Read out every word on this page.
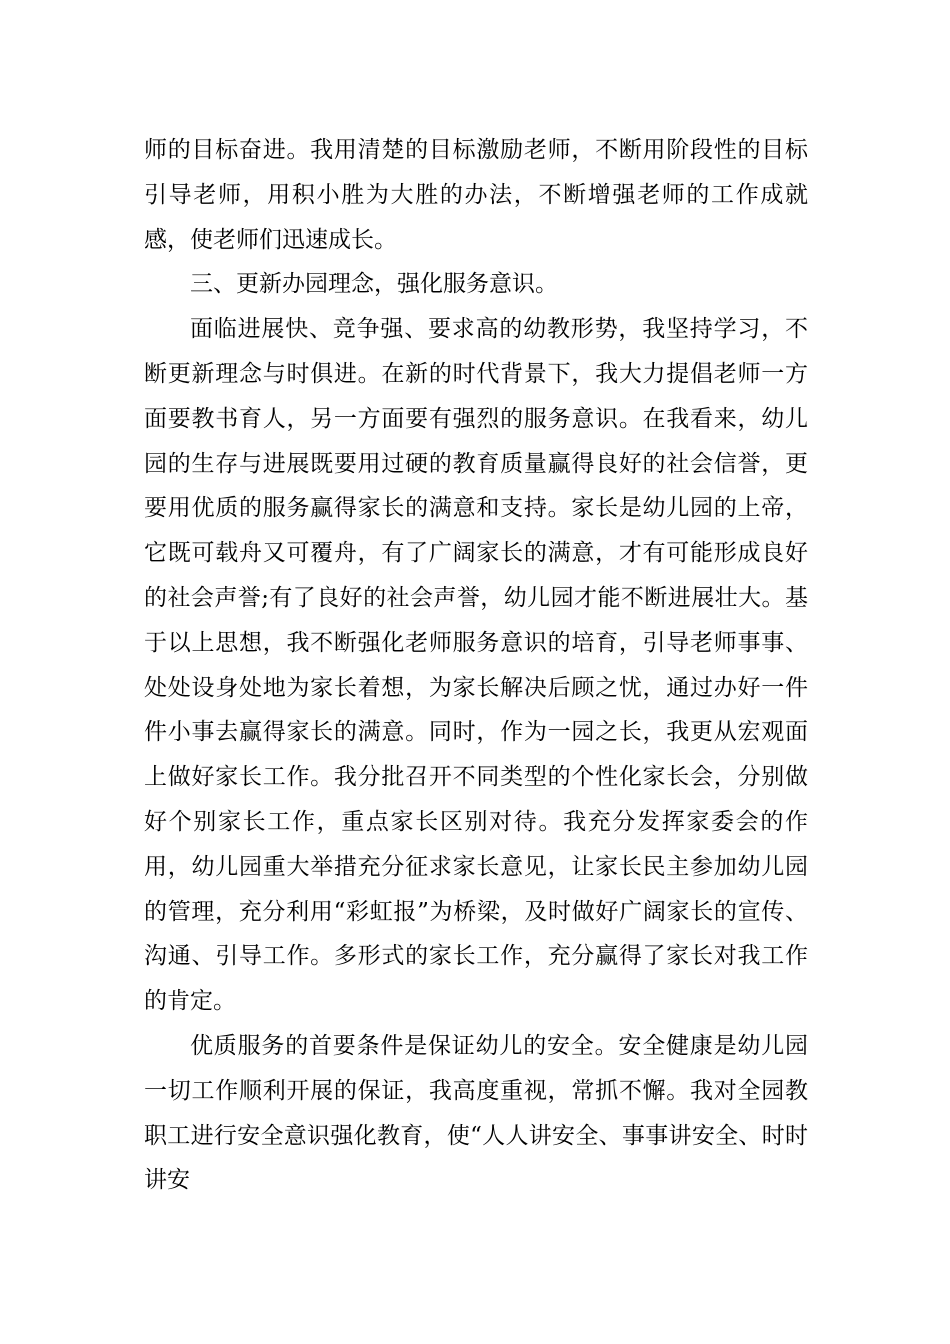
师的目标奋进。我用清楚的目标激励老师，不断用阶段性的目标引导老师，用积小胜为大胜的办法，不断增强老师的工作成就感，使老师们迅速成长。

三、更新办园理念，强化服务意识。

面临进展快、竞争强、要求高的幼教形势，我坚持学习，不断更新理念与时俱进。在新的时代背景下，我大力提倡老师一方面要教书育人，另一方面要有强烈的服务意识。在我看来，幼儿园的生存与进展既要用过硬的教育质量赢得良好的社会信誉，更要用优质的服务赢得家长的满意和支持。家长是幼儿园的上帝，它既可载舟又可覆舟，有了广阔家长的满意，才有可能形成良好的社会声誉;有了良好的社会声誉，幼儿园才能不断进展壮大。基于以上思想，我不断强化老师服务意识的培育，引导老师事事、处处设身处地为家长着想，为家长解决后顾之忧，通过办好一件件小事去赢得家长的满意。同时，作为一园之长，我更从宏观面上做好家长工作。我分批召开不同类型的个性化家长会，分别做好个别家长工作，重点家长区别对待。我充分发挥家委会的作用，幼儿园重大举措充分征求家长意见，让家长民主参加幼儿园的管理，充分利用“彩虹报”为桥梁，及时做好广阔家长的宣传、沟通、引导工作。多形式的家长工作，充分赢得了家长对我工作的肯定。

优质服务的首要条件是保证幼儿的安全。安全健康是幼儿园一切工作顺利开展的保证，我高度重视，常抓不懈。我对全园教职工进行安全意识强化教育，使“人人讲安全、事事讲安全、时时讲安
